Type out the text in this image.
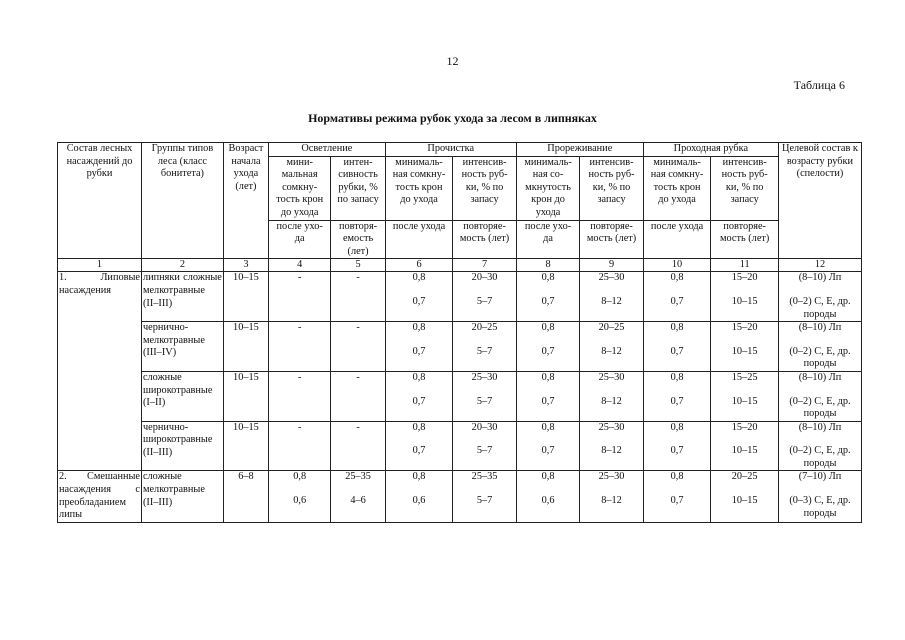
12
Таблица 6
Нормативы режима рубок ухода за лесом в липняках
Состав лесных насаждений до рубки	Группы типов леса (класс бонитета)	Возраст начала ухода (лет)	Осветление		Прочистка		Прореживание		Проходная рубка		Целевой состав к возрасту рубки (спелости)
			мини-
мальная
сомкну-
тость крон
до ухода	интен-
сивность
рубки, %
по запасу	минималь-
ная сомкну-
тость крон
до ухода	интенсив-
ность руб-
ки, % по
запасу	минималь-
ная со-
мкнутость
крон до
ухода	интенсив-
ность руб-
ки, % по
запасу	минималь-
ная сомкну-
тость крон
до ухода	интенсив-
ность руб-
ки, % по
запасу	
			после ухо-
да	повторя-
емость
(лет)	после ухода	повторяе-
мость (лет)	после ухо-
да	повторяе-
мость (лет)	после ухода	повторяе-
мость (лет)	
1	2	3	4	5	6	7	8	9	10	11	12

1. Липовые насаждения	липняки сложные мелкотравные (II–III)	10–15	-	-	0,8
0,7	20–30
5–7	0,8
0,7	25–30
8–12	0,8
0,7	15–20
10–15	(8–10) Лп
(0–2) С, Е, др. породы

	чернично-мелкотравные (III–IV)	10–15	-	-	0,8
0,7	20–25
5–7	0,8
0,7	20–25
8–12	0,8
0,7	15–20
10–15	(8–10) Лп
(0–2) С, Е, др. породы

	сложные широкотравные (I–II)	10–15	-	-	0,8
0,7	25–30
5–7	0,8
0,7	25–30
8–12	0,8
0,7	15–25
10–15	(8–10) Лп
(0–2) С, Е, др. породы

	чернично-широкотравные (II–III)	10–15	-	-	0,8
0,7	20–30
5–7	0,8
0,7	25–30
8–12	0,8
0,7	15–20
10–15	(8–10) Лп
(0–2) С, Е, др. породы

2. Смешанные насаждения с преобладанием липы	сложные мелкотравные (II–III)	6–8	0,8
0,6	25–35
4–6	0,8
0,6	25–35
5–7	0,8
0,6	25–30
8–12	0,8
0,7	20–25
10–15	(7–10) Лп
(0–3) С, Е, др. породы
